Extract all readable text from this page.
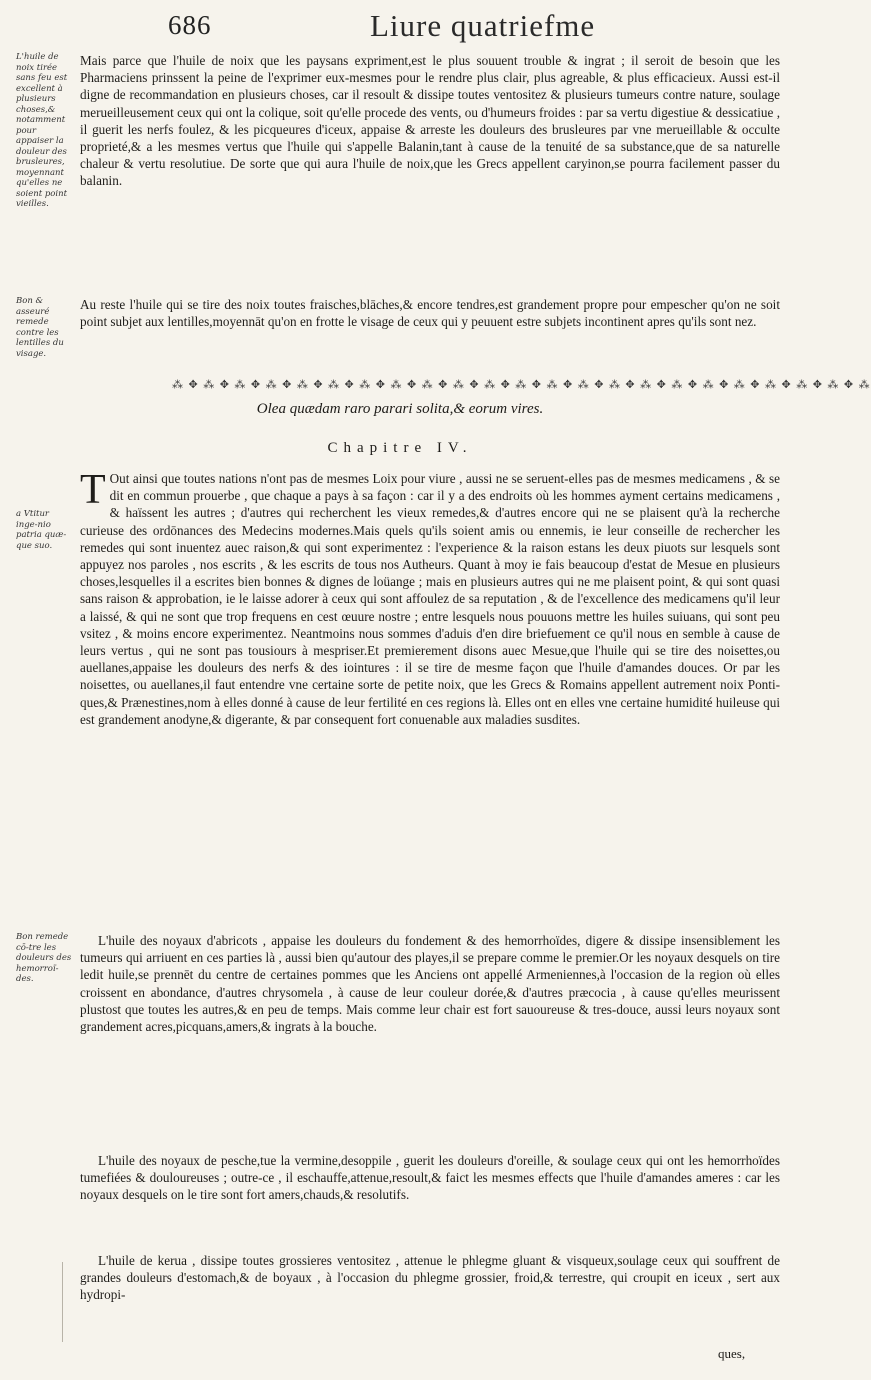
686	Liure quatriefme
L'huile de noix tirée sans feu est excellent à plusieurs choses,& notamment pour appaiser la douleur des brusleures, moyennant qu'elles ne soient point vieilles.
Bon & asseuré remede contre les lentilles du visage.
a Vtitur inge-nio patria quæ-que suo.
Bon remede cō-tre les douleurs des hemorroï-des.

Mais parce que l'huile de noix que les paysans expriment,est le plus souuent trouble & ingrat ; il seroit de besoin que les Pharmaciens prinssent la peine de l'exprimer eux-mesmes pour le rendre plus clair, plus agreable, & plus efficacieux. Aussi est-il digne de recommandation en plusieurs choses, car il resoult & dissipe toutes ventositez & plusieurs tumeurs contre nature, soulage merueilleusement ceux qui ont la colique, soit qu'elle procede des vents, ou d'humeurs froides : par sa vertu digestiue & dessicatiue , il guerit les nerfs foulez, & les picqueures d'iceux, appaise & arreste les douleurs des brusleures par vne merueillable & occulte proprieté,& a les mesmes vertus que l'huile qui s'appelle Balanin,tant à cause de la tenuité de sa substance,que de sa naturelle chaleur & vertu resolutiue. De sorte que qui aura l'huile de noix,que les Grecs appellent caryinon,se pourra facilement passer du balanin.

Au reste l'huile qui se tire des noix toutes fraisches,blāches,& encore tendres,est grandement propre pour empescher qu'on ne soit point subjet aux lentilles,moyennāt qu'on en frotte le visage de ceux qui y peuuent estre subjets incontinent apres qu'ils sont nez.

⁂ ✥ ⁂ ✥ ⁂ ✥ ⁂ ✥ ⁂ ✥ ⁂ ✥ ⁂ ✥ ⁂ ✥ ⁂ ✥ ⁂ ✥ ⁂ ✥ ⁂ ✥ ⁂ ✥ ⁂ ✥ ⁂ ✥ ⁂ ✥ ⁂ ✥ ⁂ ✥ ⁂ ✥ ⁂ ✥ ⁂ ✥ ⁂ ✥ ⁂
Olea quædam raro parari solita,& eorum vires.
Chapitre IV.

T Out ainsi que toutes nations n'ont pas de mesmes Loix pour viure , aussi ne se seruent-elles pas de mesmes medicamens , & se dit en commun prouerbe , que chaque a pays à sa façon : car il y a des endroits où les hommes ayment certains medicamens , & haïssent les autres ; d'autres qui recherchent les vieux remedes,& d'autres encore qui ne se plaisent qu'à la recherche curieuse des ordōnances des Medecins modernes.Mais quels qu'ils soient amis ou ennemis, ie leur conseille de rechercher les remedes qui sont inuentez auec raison,& qui sont experimentez : l'experience & la raison estans les deux piuots sur lesquels sont appuyez nos paroles , nos escrits , & les escrits de tous nos Autheurs. Quant à moy ie fais beaucoup d'estat de Mesue en plusieurs choses,lesquelles il a escrites bien bonnes & dignes de loüange ; mais en plusieurs autres qui ne me plaisent point, & qui sont quasi sans raison & approbation, ie le laisse adorer à ceux qui sont affoulez de sa reputation , & de l'excellence des medicamens qu'il leur a laissé, & qui ne sont que trop frequens en cest œuure nostre ; entre lesquels nous pouuons mettre les huiles suiuans, qui sont peu vsitez , & moins encore experimentez. Neantmoins nous sommes d'aduis d'en dire briefuement ce qu'il nous en semble à cause de leurs vertus , qui ne sont pas tousiours à mespriser.Et premierement disons auec Mesue,que l'huile qui se tire des noisettes,ou auellanes,appaise les douleurs des nerfs & des iointures : il se tire de mesme façon que l'huile d'amandes douces. Or par les noisettes, ou auellanes,il faut entendre vne certaine sorte de petite noix, que les Grecs & Romains appellent autrement noix Ponti-ques,& Prænestines,nom à elles donné à cause de leur fertilité en ces regions là. Elles ont en elles vne certaine humidité huileuse qui est grandement anodyne,& digerante, & par consequent fort conuenable aux maladies susdites.

L'huile des noyaux d'abricots , appaise les douleurs du fondement & des hemorrhoïdes, digere & dissipe insensiblement les tumeurs qui arriuent en ces parties là , aussi bien qu'autour des playes,il se prepare comme le premier.Or les noyaux desquels on tire ledit huile,se prennēt du centre de certaines pommes que les Anciens ont appellé Armeniennes,à l'occasion de la region où elles croissent en abondance, d'autres chrysomela , à cause de leur couleur dorée,& d'autres præcocia , à cause qu'elles meurissent plustost que toutes les autres,& en peu de temps. Mais comme leur chair est fort sauoureuse & tres-douce, aussi leurs noyaux sont grandement acres,picquans,amers,& ingrats à la bouche.

L'huile des noyaux de pesche,tue la vermine,desoppile , guerit les douleurs d'oreille, & soulage ceux qui ont les hemorrhoïdes tumefiées & douloureuses ; outre-ce , il eschauffe,attenue,resoult,& faict les mesmes effects que l'huile d'amandes ameres : car les noyaux desquels on le tire sont fort amers,chauds,& resolutifs.

L'huile de keruа , dissipe toutes grossieres ventositez , attenue le phlegme gluant & visqueux,soulage ceux qui souffrent de grandes douleurs d'estomach,& de boyaux , à l'occasion du phlegme grossier, froid,& terrestre, qui croupit en iceux , sert aux hydropi-

ques,
